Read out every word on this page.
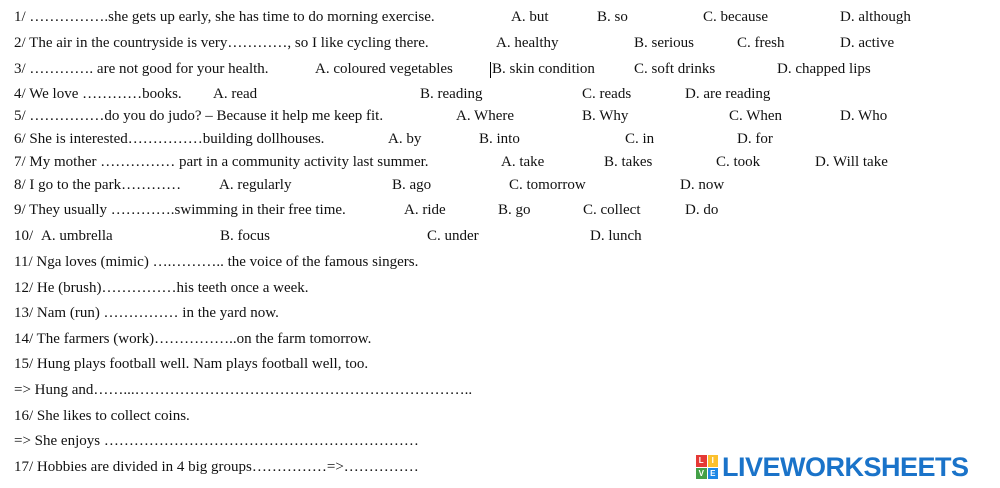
1/ …………….she gets up early, she has time to do morning exercise.	A. but	B. so	C. because	D. although
2/ The air in the countryside is very…………, so I like cycling there.	A. healthy	B. serious	C. fresh	D. active
3/ …………. are not good for your health.	A. coloured vegetables	B. skin condition	C. soft drinks	D. chapped lips
4/ We love …………books. A. read	B. reading	C. reads	D. are reading
5/ ……………do you do judo? – Because it help me keep fit.	A. Where	B. Why	C. When	D. Who
6/ She is interested……………building dollhouses.	A. by	B. into	C. in	D. for
7/ My mother …………… part in a community activity last summer.	A. take	B. takes	C. took	D. Will take
8/ I go to the park…………	A. regularly	B. ago	C. tomorrow	D. now
9/ They usually ………….swimming in their free time.	A. ride	B. go	C. collect	D. do
10/ A. umbrella	B. focus	C. under	D. lunch
11/ Nga loves (mimic) ….……….. the voice of the famous singers.
12/ He (brush)……………his teeth once a week.
13/ Nam (run) …………… in the yard now.
14/ The farmers (work)……………..on the farm tomorrow.
15/ Hung plays football well. Nam plays football well, too.
=> Hung and……...…………………………………………………………..
16/ She likes to collect coins.
=> She enjoys ………………………………………………………
17/ Hobbies are divided in 4 big groups……………=>……………	L I
V E LIVEWORKSHEETS
